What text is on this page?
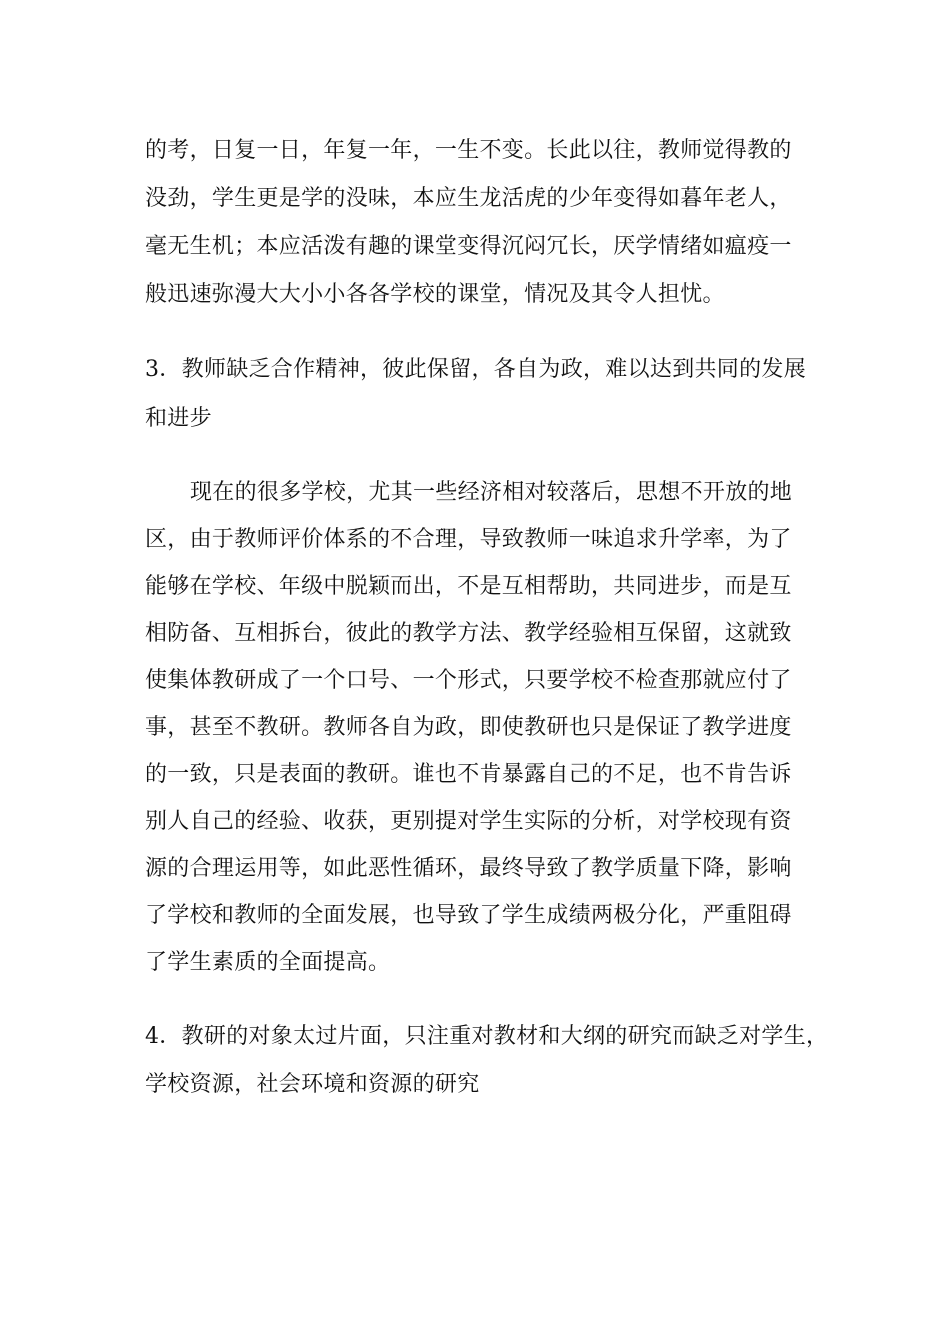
的考，日复一日，年复一年，一生不变。长此以往，教师觉得教的
没劲，学生更是学的没味，本应生龙活虎的少年变得如暮年老人，
毫无生机；本应活泼有趣的课堂变得沉闷冗长，厌学情绪如瘟疫一
般迅速弥漫大大小小各各学校的课堂，情况及其令人担忧。
3．教师缺乏合作精神，彼此保留，各自为政，难以达到共同的发展
和进步
现在的很多学校，尤其一些经济相对较落后，思想不开放的地
区，由于教师评价体系的不合理，导致教师一味追求升学率，为了
能够在学校、年级中脱颖而出，不是互相帮助，共同进步，而是互
相防备、互相拆台，彼此的教学方法、教学经验相互保留，这就致
使集体教研成了一个口号、一个形式，只要学校不检查那就应付了
事，甚至不教研。教师各自为政，即使教研也只是保证了教学进度
的一致，只是表面的教研。谁也不肯暴露自己的不足，也不肯告诉
别人自己的经验、收获，更别提对学生实际的分析，对学校现有资
源的合理运用等，如此恶性循环，最终导致了教学质量下降，影响
了学校和教师的全面发展，也导致了学生成绩两极分化，严重阻碍
了学生素质的全面提高。
4．教研的对象太过片面，只注重对教材和大纲的研究而缺乏对学生，
学校资源，社会环境和资源的研究
